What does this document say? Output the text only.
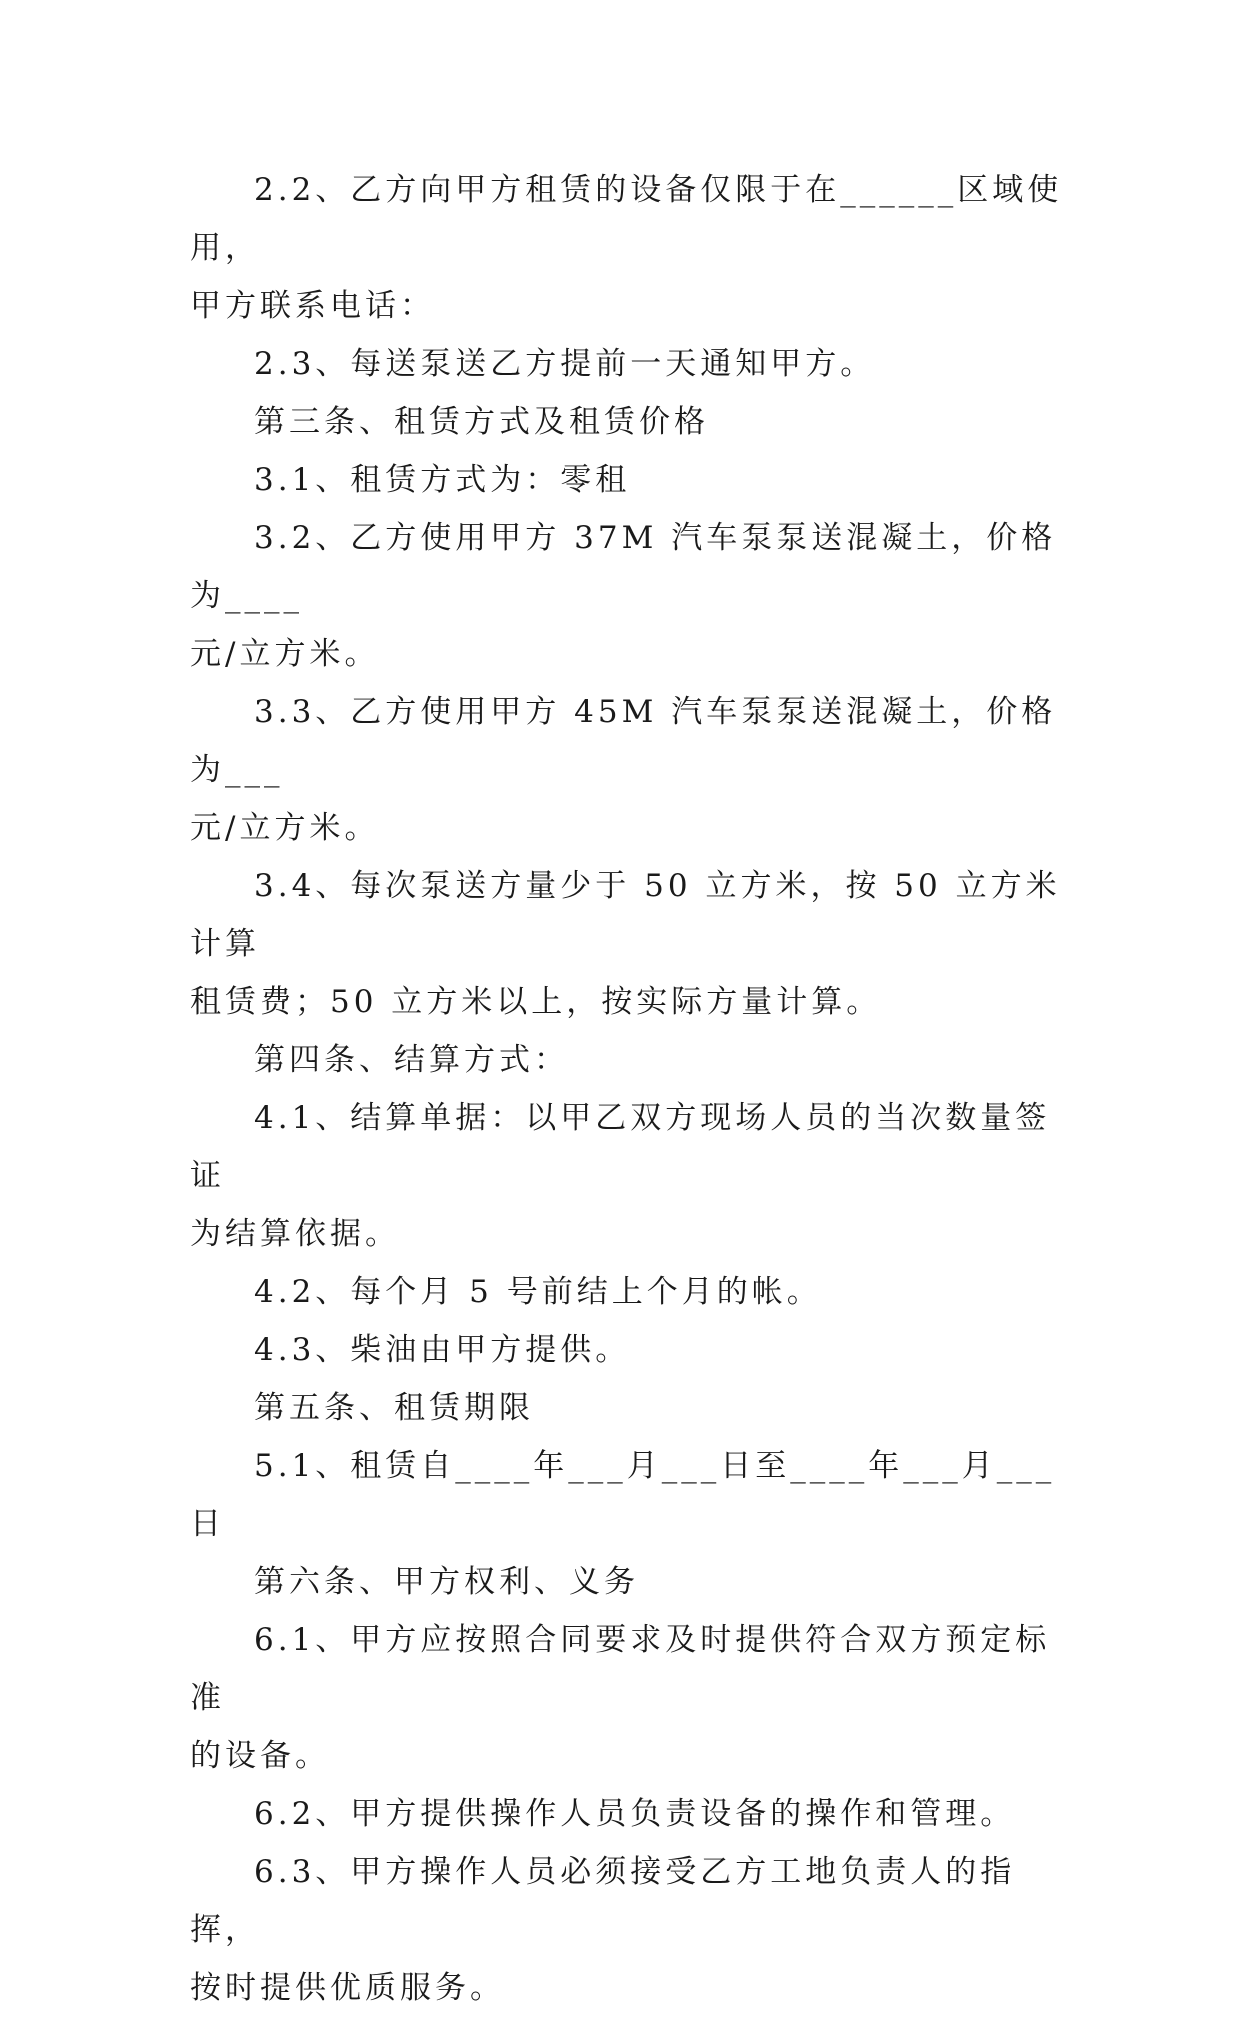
2.2、乙方向甲方租赁的设备仅限于在______区域使用，
甲方联系电话：

2.3、每送泵送乙方提前一天通知甲方。

第三条、租赁方式及租赁价格

3.1、租赁方式为：零租

3.2、乙方使用甲方 37M 汽车泵泵送混凝土，价格为____
元/立方米。

3.3、乙方使用甲方 45M 汽车泵泵送混凝土，价格为___
元/立方米。

3.4、每次泵送方量少于 50 立方米，按 50 立方米计算
租赁费；50 立方米以上，按实际方量计算。

第四条、结算方式：

4.1、结算单据：以甲乙双方现场人员的当次数量签证
为结算依据。

4.2、每个月 5 号前结上个月的帐。

4.3、柴油由甲方提供。

第五条、租赁期限

5.1、租赁自____年___月___日至____年___月___日

第六条、甲方权利、义务

6.1、甲方应按照合同要求及时提供符合双方预定标准
的设备。

6.2、甲方提供操作人员负责设备的操作和管理。

6.3、甲方操作人员必须接受乙方工地负责人的指挥，
按时提供优质服务。
